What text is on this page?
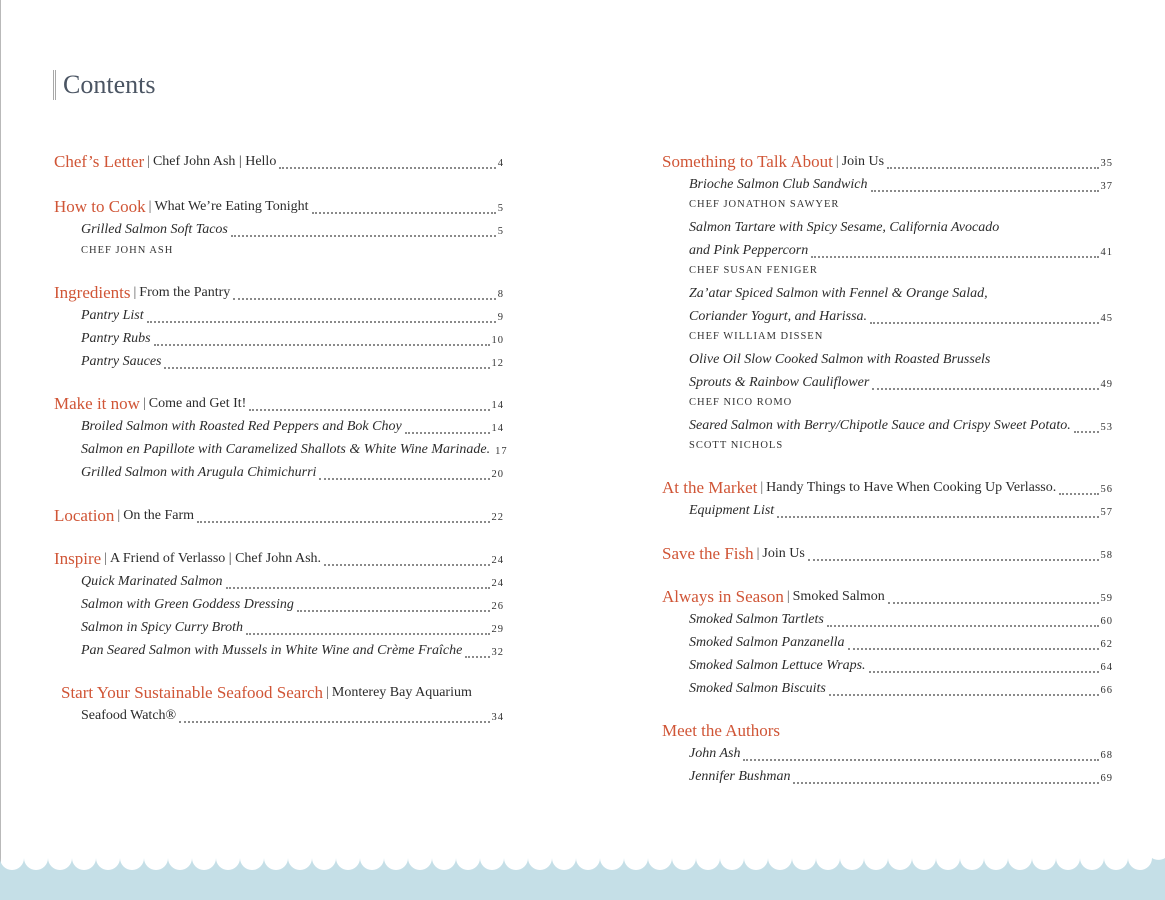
Contents
Chef’s Letter | Chef John Ash | Hello	4
How to Cook | What We’re Eating Tonight	5
Grilled Salmon Soft Tacos	5
CHEF JOHN ASH
Ingredients | From the Pantry	8
Pantry List	9
Pantry Rubs	10
Pantry Sauces	12
Make it now | Come and Get It!	14
Broiled Salmon with Roasted Red Peppers and Bok Choy	14
Salmon en Papillote with Caramelized Shallots & White Wine Marinade. 17
Grilled Salmon with Arugula Chimichurri	20
Location | On the Farm	22
Inspire | A Friend of Verlasso | Chef John Ash.	24
Quick Marinated Salmon	24
Salmon with Green Goddess Dressing	26
Salmon in Spicy Curry Broth	29
Pan Seared Salmon with Mussels in White Wine and Crème Fraîche	32
Start Your Sustainable Seafood Search | Monterey Bay Aquarium
Seafood Watch®	34
Something to Talk About | Join Us	35
Brioche Salmon Club Sandwich	37
CHEF JONATHON SAWYER
Salmon Tartare with Spicy Sesame, California Avocado
and Pink Peppercorn	41
CHEF SUSAN FENIGER
Za’atar Spiced Salmon with Fennel & Orange Salad,
Coriander Yogurt, and Harissa.	45
CHEF WILLIAM DISSEN
Olive Oil Slow Cooked Salmon with Roasted Brussels
Sprouts & Rainbow Cauliflower	49
CHEF NICO ROMO
Seared Salmon with Berry/Chipotle Sauce and Crispy Sweet Potato.	53
SCOTT NICHOLS
At the Market | Handy Things to Have When Cooking Up Verlasso.	56
Equipment List	57
Save the Fish | Join Us	58
Always in Season | Smoked Salmon	59
Smoked Salmon Tartlets	60
Smoked Salmon Panzanella	62
Smoked Salmon Lettuce Wraps.	64
Smoked Salmon Biscuits	66
Meet the Authors
John Ash	68
Jennifer Bushman	69
